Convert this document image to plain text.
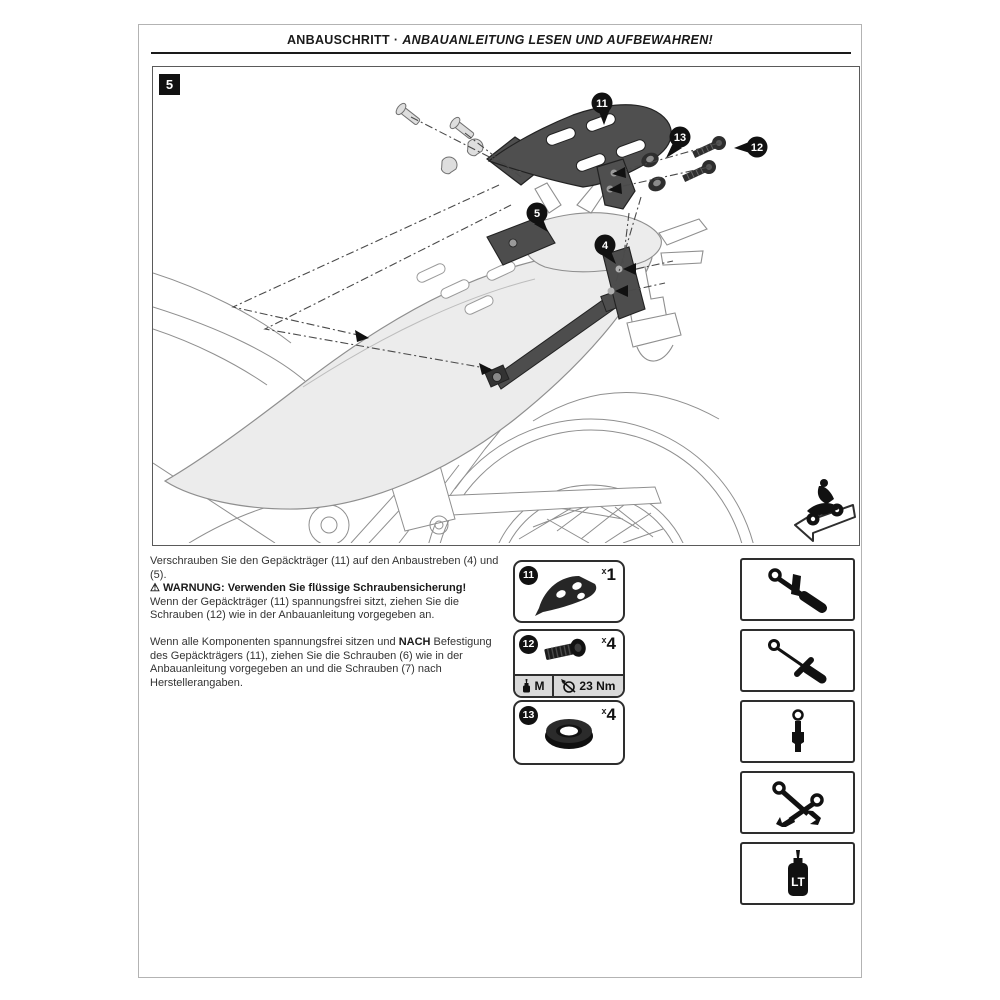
ANBAUSCHRITT · ANBAUANLEITUNG LESEN UND AUFBEWAHREN!
11
13
12
5
4
5

Verschrauben Sie den Gepäckträger (11) auf den Anbaustreben (4) und (5).
⚠ WARNUNG: Verwenden Sie flüssige Schraubensicherung!
Wenn der Gepäckträger (11) spannungsfrei sitzt, ziehen Sie die Schrauben (12) wie in der Anbauanleitung vorgegeben an.

Wenn alle Komponenten spannungsfrei sitzen und NACH Befestigung des Gepäckträgers (11), ziehen Sie die Schrauben (6) wie in der Anbauanleitung vorgegeben an und die Schrauben (7) nach Herstellerangaben.

11	$^x$1
12	$^x$4
M	23 Nm
13	$^x$4
LT
